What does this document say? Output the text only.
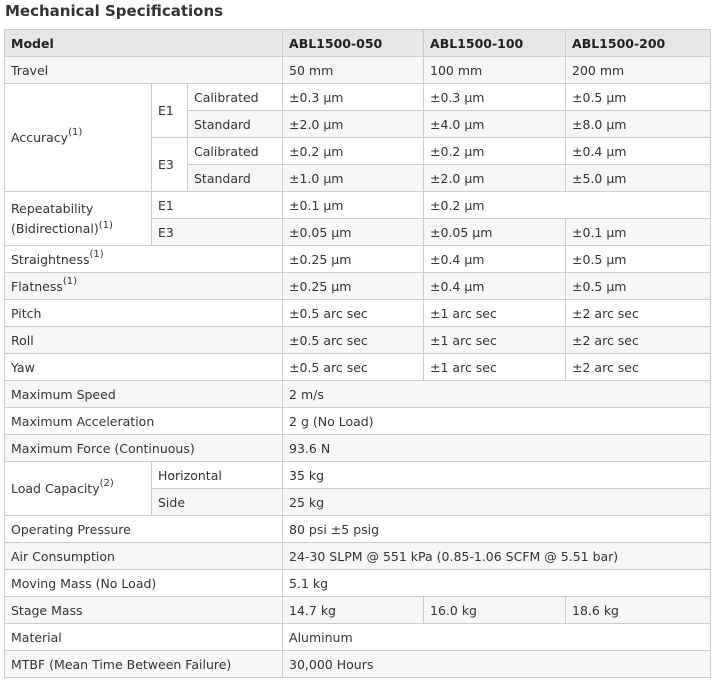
Mechanical Specifications
Model			ABL1500-050	ABL1500-100	ABL1500-200
Travel			50 mm	100 mm	200 mm
Accuracy$^{(1)}$	E1	Calibrated	±0.3 µm	±0.3 µm	±0.5 µm
		Standard	±2.0 µm	±4.0 µm	±8.0 µm
	E3	Calibrated	±0.2 µm	±0.2 µm	±0.4 µm
		Standard	±1.0 µm	±2.0 µm	±5.0 µm
Repeatability
(Bidirectional)$^{(1)}$	E1		±0.1 µm	±0.2 µm	
	E3		±0.05 µm	±0.05 µm	±0.1 µm
Straightness$^{(1)}$			±0.25 µm	±0.4 µm	±0.5 µm
Flatness$^{(1)}$			±0.25 µm	±0.4 µm	±0.5 µm
Pitch			±0.5 arc sec	±1 arc sec	±2 arc sec
Roll			±0.5 arc sec	±1 arc sec	±2 arc sec
Yaw			±0.5 arc sec	±1 arc sec	±2 arc sec
Maximum Speed			2 m/s		
Maximum Acceleration			2 g (No Load)		
Maximum Force (Continuous)			93.6 N		
Load Capacity$^{(2)}$	Horizontal		35 kg		
	Side		25 kg		
Operating Pressure			80 psi ±5 psig		
Air Consumption			24-30 SLPM @ 551 kPa (0.85-1.06 SCFM @ 5.51 bar)		
Moving Mass (No Load)			5.1 kg		
Stage Mass			14.7 kg	16.0 kg	18.6 kg
Material			Aluminum		
MTBF (Mean Time Between Failure)			30,000 Hours		
